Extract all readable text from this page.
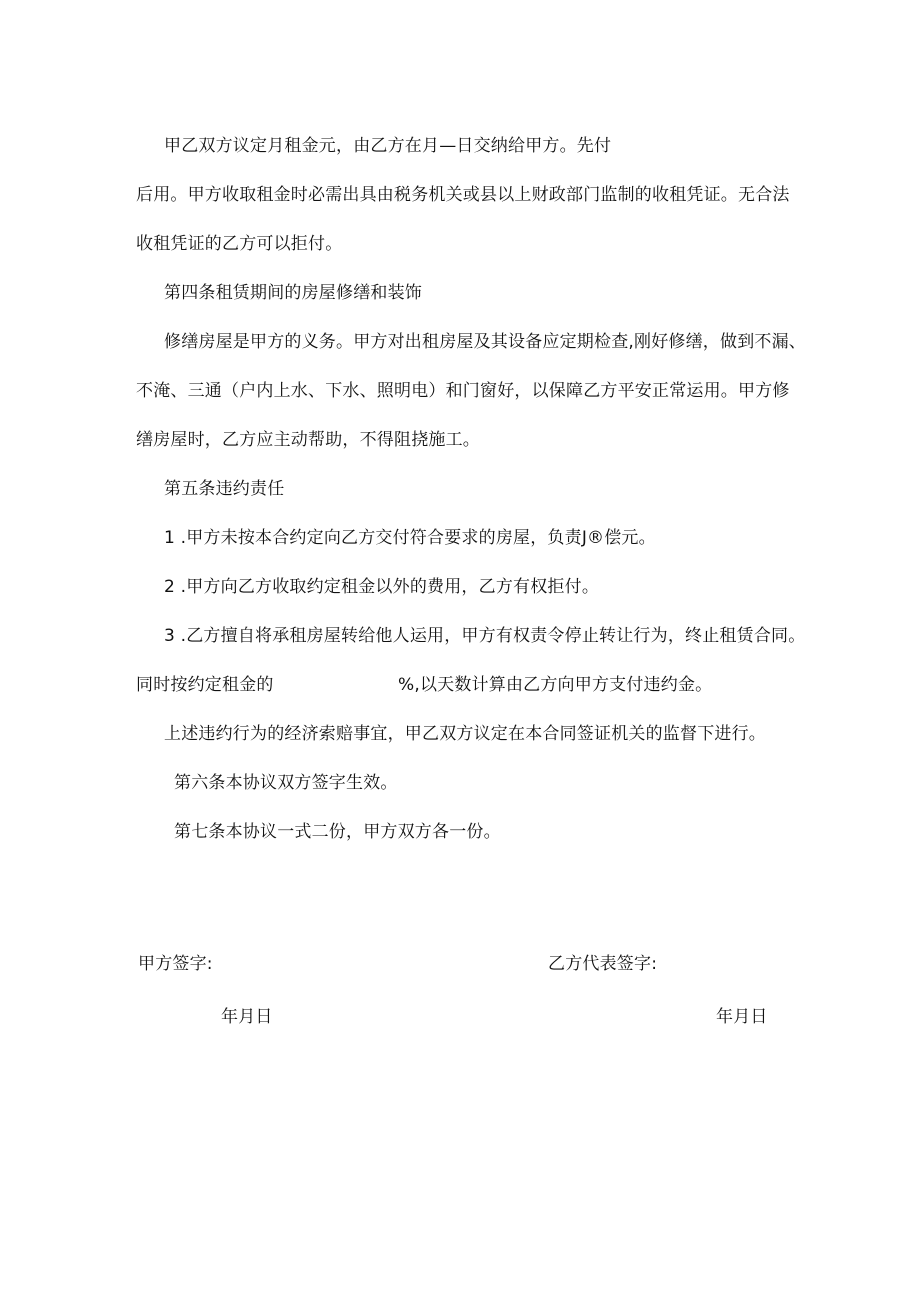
甲乙双方议定月租金元，由乙方在月—日交纳给甲方。先付
后用。甲方收取租金时必需出具由税务机关或县以上财政部门监制的收租凭证。无合法
收租凭证的乙方可以拒付。
第四条租赁期间的房屋修缮和装饰
修缮房屋是甲方的义务。甲方对出租房屋及其设备应定期检查,刚好修缮，做到不漏、
不淹、三通（户内上水、下水、照明电）和门窗好，以保障乙方平安正常运用。甲方修
缮房屋时，乙方应主动帮助，不得阻挠施工。
第五条违约责任
1 .甲方未按本合约定向乙方交付符合要求的房屋，负责J®偿元。
2 .甲方向乙方收取约定租金以外的费用，乙方有权拒付。
3 .乙方擅自将承租房屋转给他人运用，甲方有权责令停止转让行为，终止租赁合同。
同时按约定租金的	%,以天数计算由乙方向甲方支付违约金。
上述违约行为的经济索赔事宜，甲乙双方议定在本合同签证机关的监督下进行。
第六条本协议双方签字生效。
第七条本协议一式二份，甲方双方各一份。
甲方签字:	乙方代表签字:
年月日	年月日
